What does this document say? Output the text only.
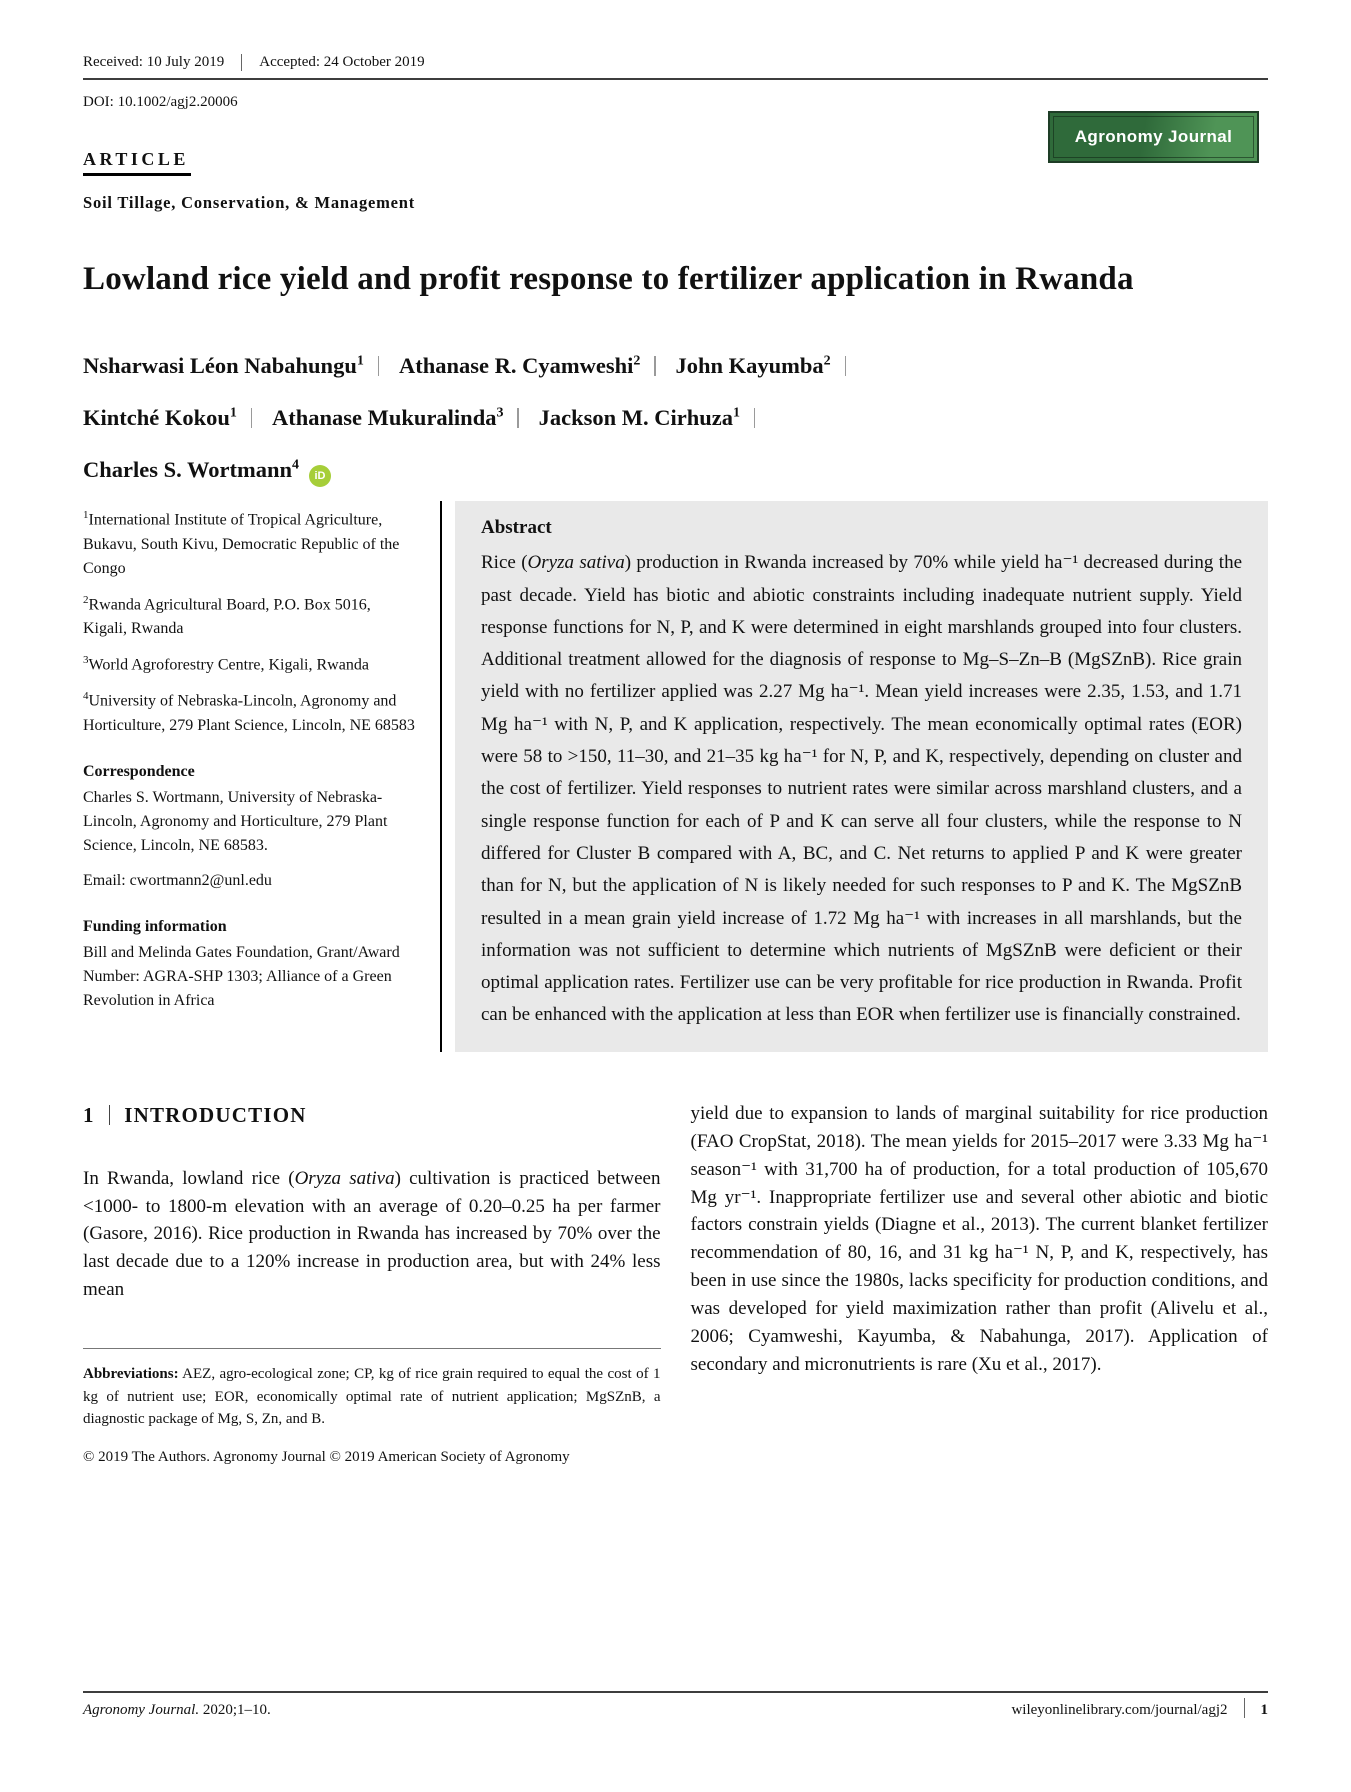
Received: 10 July 2019 Accepted: 24 October 2019
DOI: 10.1002/agj2.20006
Agronomy Journal
ARTICLE
Soil Tillage, Conservation, & Management
Lowland rice yield and profit response to fertilizer application in Rwanda
Nsharwasi Léon Nabahungu$^1$ Athanase R. Cyamweshi$^2$ John Kayumba$^2$ Kintché Kokou$^1$ Athanase Mukuralinda$^3$ Jackson M. Cirhuza$^1$ Charles S. Wortmann$^4$iD

$^1$International Institute of Tropical Agriculture, Bukavu, South Kivu, Democratic Republic of the Congo

$^2$Rwanda Agricultural Board, P.O. Box 5016, Kigali, Rwanda

$^3$World Agroforestry Centre, Kigali, Rwanda

$^4$University of Nebraska-Lincoln, Agronomy and Horticulture, 279 Plant Science, Lincoln, NE 68583

Correspondence

Charles S. Wortmann, University of Nebraska-Lincoln, Agronomy and Horticulture, 279 Plant Science, Lincoln, NE 68583.

Email: cwortmann2@unl.edu

Funding information

Bill and Melinda Gates Foundation, Grant/Award Number: AGRA-SHP 1303; Alliance of a Green Revolution in Africa

Abstract

Rice (Oryza sativa) production in Rwanda increased by 70% while yield ha⁻¹ decreased during the past decade. Yield has biotic and abiotic constraints including inadequate nutrient supply. Yield response functions for N, P, and K were determined in eight marshlands grouped into four clusters. Additional treatment allowed for the diagnosis of response to Mg–S–Zn–B (MgSZnB). Rice grain yield with no fertilizer applied was 2.27 Mg ha⁻¹. Mean yield increases were 2.35, 1.53, and 1.71 Mg ha⁻¹ with N, P, and K application, respectively. The mean economically optimal rates (EOR) were 58 to >150, 11–30, and 21–35 kg ha⁻¹ for N, P, and K, respectively, depending on cluster and the cost of fertilizer. Yield responses to nutrient rates were similar across marshland clusters, and a single response function for each of P and K can serve all four clusters, while the response to N differed for Cluster B compared with A, BC, and C. Net returns to applied P and K were greater than for N, but the application of N is likely needed for such responses to P and K. The MgSZnB resulted in a mean grain yield increase of 1.72 Mg ha⁻¹ with increases in all marshlands, but the information was not sufficient to determine which nutrients of MgSZnB were deficient or their optimal application rates. Fertilizer use can be very profitable for rice production in Rwanda. Profit can be enhanced with the application at less than EOR when fertilizer use is financially constrained.

1 INTRODUCTION

In Rwanda, lowland rice (Oryza sativa) cultivation is practiced between <1000- to 1800-m elevation with an average of 0.20–0.25 ha per farmer (Gasore, 2016). Rice production in Rwanda has increased by 70% over the last decade due to a 120% increase in production area, but with 24% less mean

Abbreviations: AEZ, agro-ecological zone; CP, kg of rice grain required to equal the cost of 1 kg of nutrient use; EOR, economically optimal rate of nutrient application; MgSZnB, a diagnostic package of Mg, S, Zn, and B.

© 2019 The Authors. Agronomy Journal © 2019 American Society of Agronomy

yield due to expansion to lands of marginal suitability for rice production (FAO CropStat, 2018). The mean yields for 2015–2017 were 3.33 Mg ha⁻¹ season⁻¹ with 31,700 ha of production, for a total production of 105,670 Mg yr⁻¹. Inappropriate fertilizer use and several other abiotic and biotic factors constrain yields (Diagne et al., 2013). The current blanket fertilizer recommendation of 80, 16, and 31 kg ha⁻¹ N, P, and K, respectively, has been in use since the 1980s, lacks specificity for production conditions, and was developed for yield maximization rather than profit (Alivelu et al., 2006; Cyamweshi, Kayumba, & Nabahunga, 2017). Application of secondary and micronutrients is rare (Xu et al., 2017).

Agronomy Journal. 2020;1–10.	wileyonlinelibrary.com/journal/agj2 1
